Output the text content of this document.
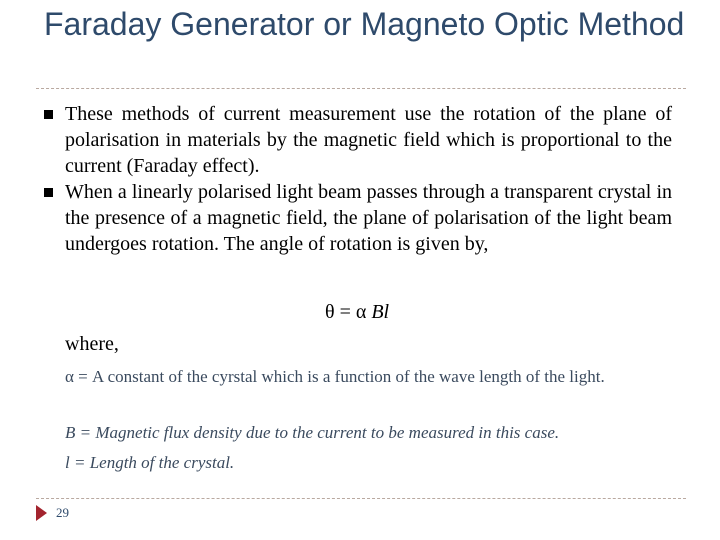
Faraday Generator or Magneto Optic Method
These methods of current measurement use the rotation of the plane of polarisation in materials by the magnetic field which is proportional to the current (Faraday effect).
When a linearly polarised light beam passes through a transparent crystal in the presence of a magnetic field, the plane of polarisation of the light beam undergoes rotation. The angle of rotation is given by,
θ = α Bl
where,
α = A constant of the cyrstal which is a function of the wave length of the light.
B = Magnetic flux density due to the current to be measured in this case.
l = Length of the crystal.
29
